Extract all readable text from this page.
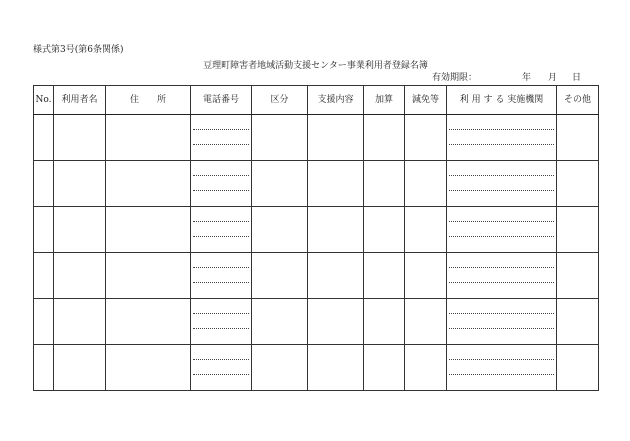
様式第3号(第6条関係)
豆理町障害者地域活動支援センター事業利用者登録名簿
有効期限：	年 月 日
No.	利用者名	住　　所	電話番号	区分	支援内容	加算	減免等	利 用 す る 実施機関	その他
